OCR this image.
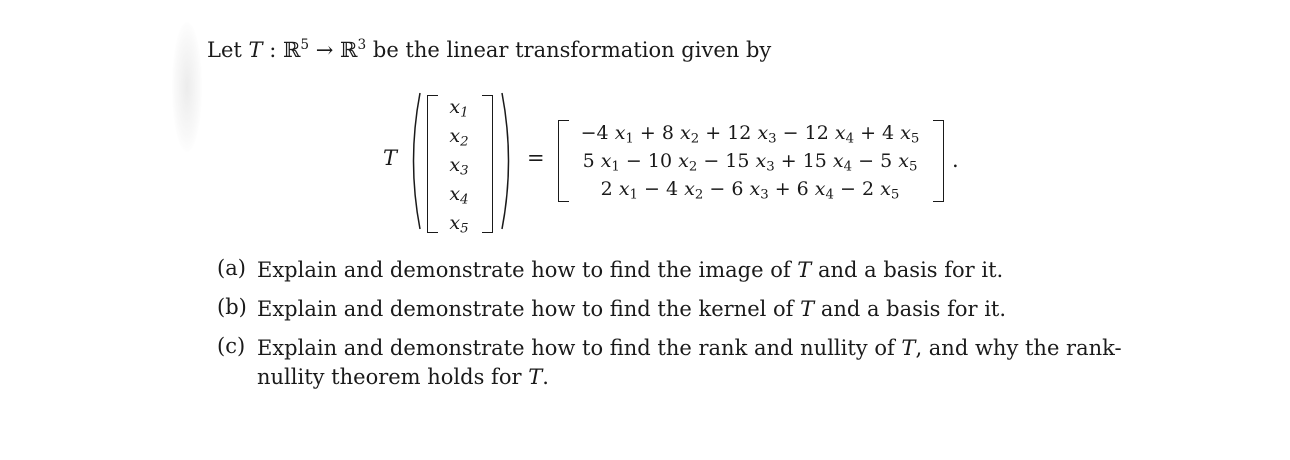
Let T : ℝ$^5$ → ℝ$^3$ be the linear transformation given by
T
$x_1$
$x_2$
$x_3$
$x_4$
$x_5$
=
−4 $x_1 + 8$ $x_2 + 12$ $x_3 - 12$ $x_4 + 4$ $x_5$
5 $x_1 - 10$ $x_2 - 15$ $x_3 + 15$ $x_4 - 5$ $x_5$
2 $x_1 - 4$ $x_2 - 6$ $x_3 + 6$ $x_4 - 2$ $x_5$
.
(a) Explain and demonstrate how to find the image of T and a basis for it.
(b) Explain and demonstrate how to find the kernel of T and a basis for it.
(c) Explain and demonstrate how to find the rank and nullity of T, and why the rank-nullity theorem holds for T.
